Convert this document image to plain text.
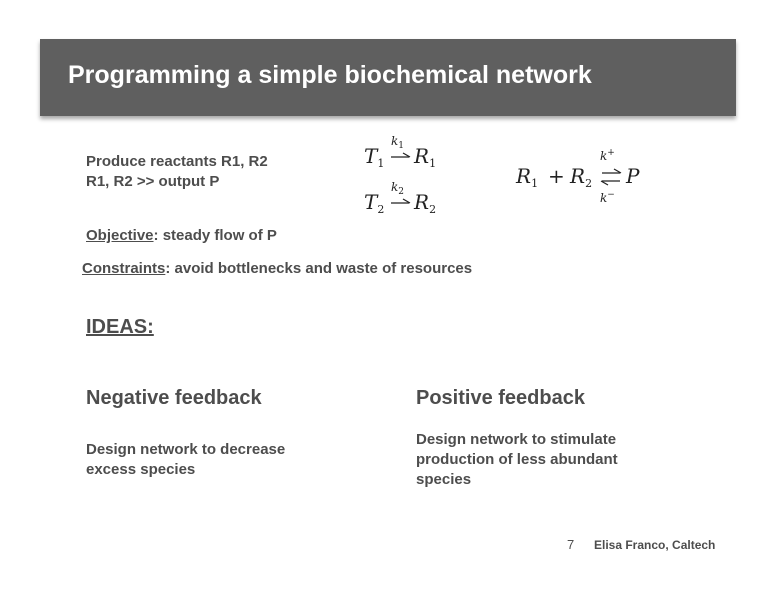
Programming a simple biochemical network
Produce reactants R1, R2
R1, R2 >> output P
$T_1$
$k_1$ $R_1$
$T_2$
$k_2$ $R_2$
$R_1 + R_2$
k+
k−
P
Objective: steady flow of P
Constraints: avoid bottlenecks and waste of resources
IDEAS:
Negative feedback
Design network to decrease excess species
Positive feedback
Design network to stimulate production of less abundant species
7 Elisa Franco, Caltech
